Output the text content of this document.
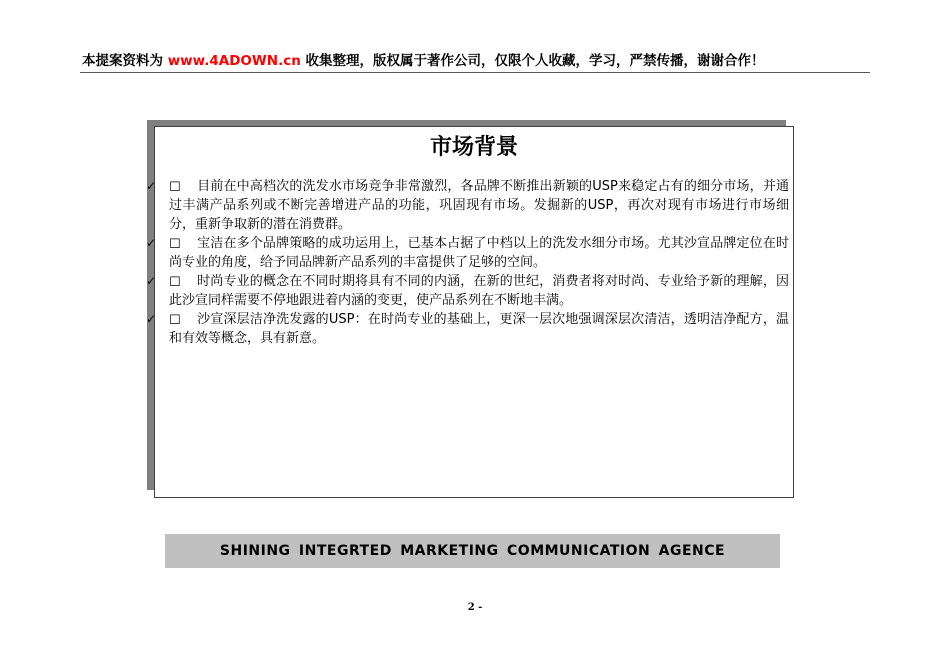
本提案资料为 www.4ADOWN.cn 收集整理，版权属于著作公司，仅限个人收藏，学习，严禁传播，谢谢合作！
市场背景
✓ ☐ 目前在中高档次的洗发水市场竞争非常激烈，各品牌不断推出新颖的USP来稳定占有的细分市场，并通过丰满产品系列或不断完善增进产品的功能，巩固现有市场。发掘新的USP，再次对现有市场进行市场细分，重新争取新的潜在消费群。
✓ ☐ 宝洁在多个品牌策略的成功运用上，已基本占据了中档以上的洗发水细分市场。尤其沙宣品牌定位在时尚专业的角度，给予同品牌新产品系列的丰富提供了足够的空间。
✓ ☐ 时尚专业的概念在不同时期将具有不同的内涵，在新的世纪，消费者将对时尚、专业给予新的理解，因此沙宣同样需要不停地跟进着内涵的变更，使产品系列在不断地丰满。
✓ ☐ 沙宣深层洁净洗发露的USP：在时尚专业的基础上，更深一层次地强调深层次清洁，透明洁净配方，温和有效等概念，具有新意。
SHINING INTEGRTED MARKETING COMMUNICATION AGENCE
2 -
